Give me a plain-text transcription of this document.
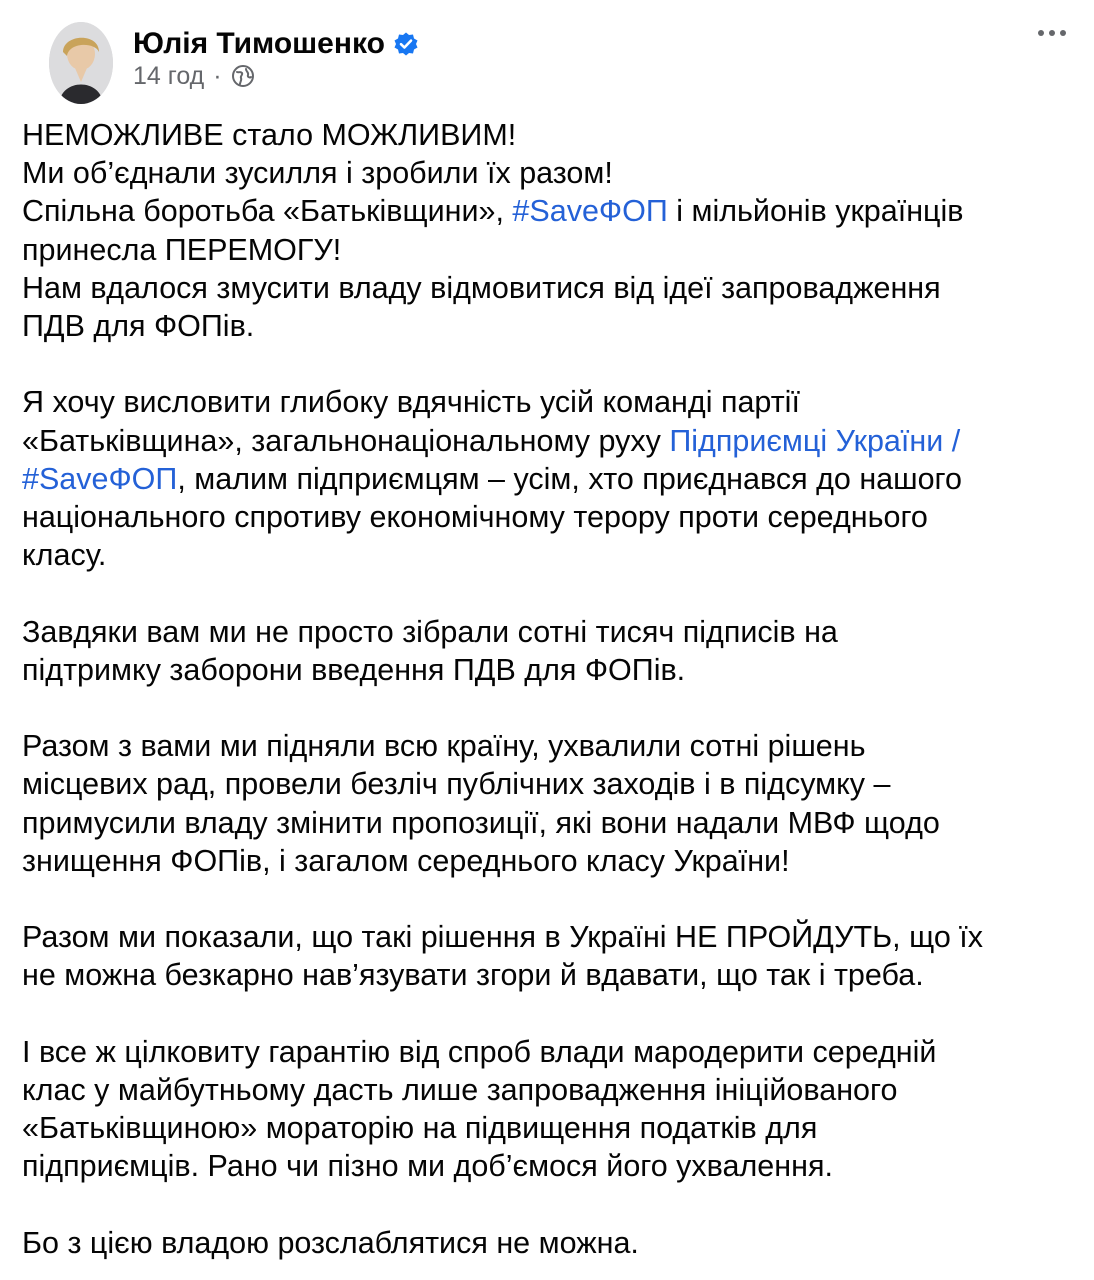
Юлія Тимошенко
14 год ·

НЕМОЖЛИВЕ стало МОЖЛИВИМ!
Ми об’єднали зусилля і зробили їх разом!
Спільна боротьба «Батьківщини», #SaveФОП і мільйонів українців
принесла ПЕРЕМОГУ!
Нам вдалося змусити владу відмовитися від ідеї запровадження
ПДВ для ФОПів.

Я хочу висловити глибоку вдячність усій команді партії
«Батьківщина», загальнонаціональному руху Підприємці України /
#SaveФОП, малим підприємцям – усім, хто приєднався до нашого
національного спротиву економічному терору проти середнього
класу.

Завдяки вам ми не просто зібрали сотні тисяч підписів на
підтримку заборони введення ПДВ для ФОПів.

Разом з вами ми підняли всю країну, ухвалили сотні рішень
місцевих рад, провели безліч публічних заходів і в підсумку –
примусили владу змінити пропозиції, які вони надали МВФ щодо
знищення ФОПів, і загалом середнього класу України!

Разом ми показали, що такі рішення в Україні НЕ ПРОЙДУТЬ, що їх
не можна безкарно нав’язувати згори й вдавати, що так і треба.

І все ж цілковиту гарантію від спроб влади мародерити середній
клас у майбутньому дасть лише запровадження ініційованого
«Батьківщиною» мораторію на підвищення податків для
підприємців. Рано чи пізно ми доб’ємося його ухвалення.

Бо з цією владою розслаблятися не можна.
